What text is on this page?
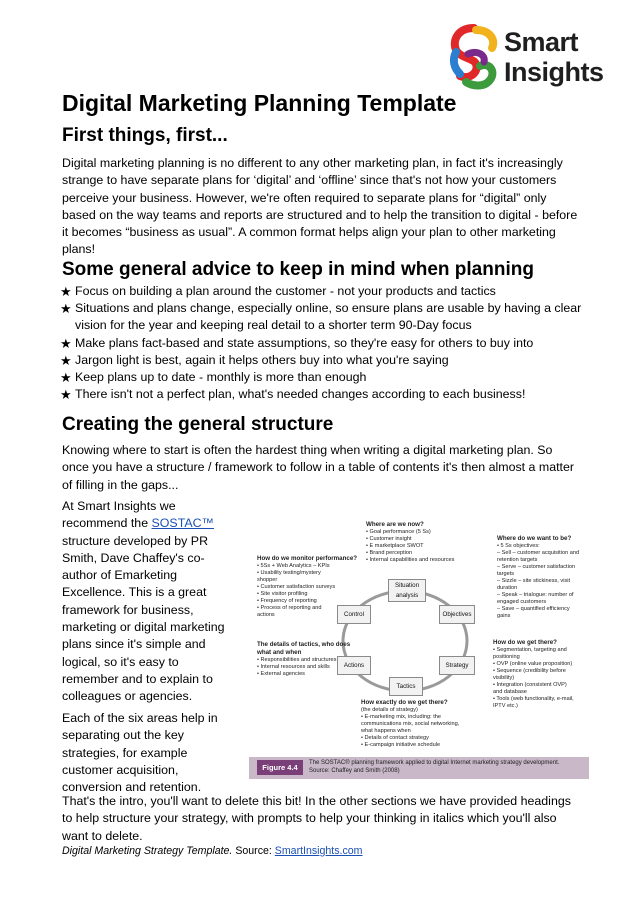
Smart
Insights
Digital Marketing Planning Template
First things, first...

Digital marketing planning is no different to any other marketing plan, in fact it's increasingly strange to have separate plans for ‘digital’ and ‘offline’ since that's not how your customers perceive your business. However, we're often required to separate plans for “digital” only based on the way teams and reports are structured and to help the transition to digital - before it becomes “business as usual”. A common format helps align your plan to other marketing plans!

Some general advice to keep in mind when planning
★ Focus on building a plan around the customer - not your products and tactics
★ Situations and plans change, especially online, so ensure plans are usable by having a clear vision for the year and keeping real detail to a shorter term 90-Day focus
★ Make plans fact-based and state assumptions, so they're easy for others to buy into
★ Jargon light is best, again it helps others buy into what you're saying
★ Keep plans up to date - monthly is more than enough
★ There isn't not a perfect plan, what's needed changes according to each business!
Creating the general structure

Knowing where to start is often the hardest thing when writing a digital marketing plan. So once you have a structure / framework to follow in a table of contents it's then almost a matter of filling in the gaps...

At Smart Insights we recommend the SOSTAC™ structure developed by PR Smith, Dave Chaffey's co-author of Emarketing Excellence. This is a great framework for business, marketing or digital marketing plans since it's simple and logical, so it's easy to remember and to explain to colleagues or agencies.

Each of the six areas help in separating out the key strategies, for example customer acquisition, conversion and retention.

Where are we now?
• Goal performance (5 Ss)
• Customer insight
• E marketplace SWOT
• Brand perception
• Internal capabilities and resources
Where do we want to be?
• 5 Ss objectives:
– Sell – customer acquisition and
retention targets
– Serve – customer satisfaction
targets
– Sizzle – site stickiness, visit
duration
– Speak – trialogue: number of
engaged customers
– Save – quantified efficiency
gains
How do we monitor performance?
• 5Ss + Web Analytics – KPIs
• Usability testing/mystery
shopper
• Customer satisfaction surveys
• Site visitor profiling
• Frequency of reporting
• Process of reporting and
actions
The details of tactics, who does what and when
• Responsibilities and structures
• Internal resources and skills
• External agencies
How do we get there?
• Segmentation, targeting and
positioning
• OVP (online value proposition)
• Sequence (credibility before
visibility)
• Integration (consistent OVP)
and database
• Tools (web functionality, e-mail,
IPTV etc.)
How exactly do we get there?
(the details of strategy)
• E-marketing mix, including: the
communications mix, social networking,
what happens when
• Details of contact strategy
• E-campaign initiative schedule
Situation analysis
Objectives
Strategy
Tactics
Actions
Control
Figure 4.4	The SOSTAC® planning framework applied to digital Internet marketing strategy development.
Source: Chaffey and Smith (2008)

That's the intro, you'll want to delete this bit! In the other sections we have provided headings to help structure your strategy, with prompts to help your thinking in italics which you'll also want to delete.

Digital Marketing Strategy Template. Source: SmartInsights.com
